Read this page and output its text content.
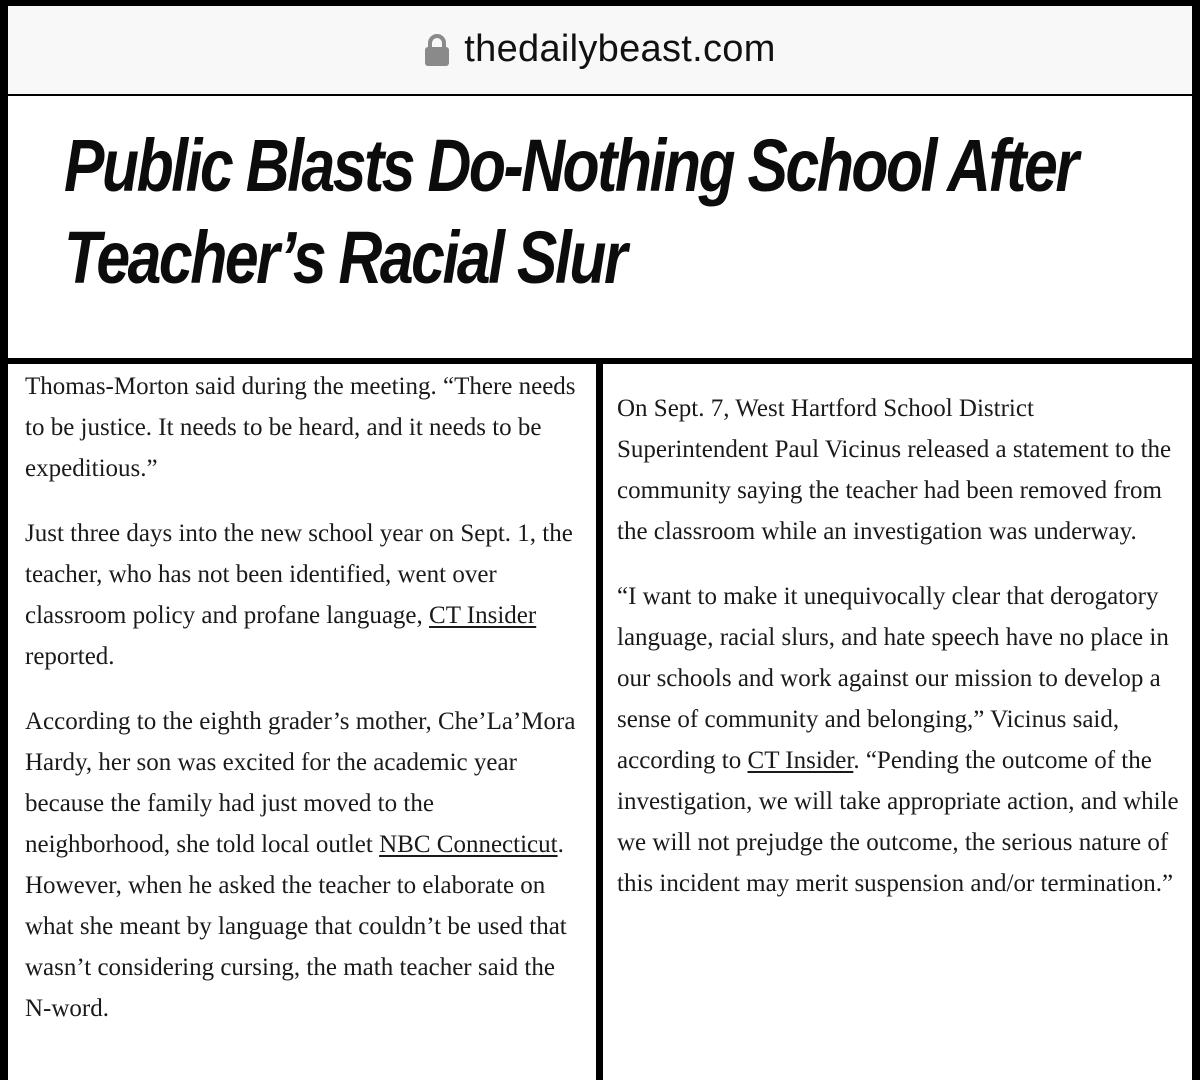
thedailybeast.com
Public Blasts Do-Nothing School After
Teacher’s Racial Slur

Thomas-Morton said during the meeting. “There needs to be justice. It needs to be heard, and it needs to be expeditious.”

Just three days into the new school year on Sept. 1, the teacher, who has not been identified, went over classroom policy and profane language, CT Insider reported.

According to the eighth grader’s mother, Che’La’Mora Hardy, her son was excited for the academic year because the family had just moved to the neighborhood, she told local outlet NBC Connecticut. However, when he asked the teacher to elaborate on what she meant by language that couldn’t be used that wasn’t considering cursing, the math teacher said the N-word.

On Sept. 7, West Hartford School District Superintendent Paul Vicinus released a statement to the community saying the teacher had been removed from the classroom while an investigation was underway.

“I want to make it unequivocally clear that derogatory language, racial slurs, and hate speech have no place in our schools and work against our mission to develop a sense of community and belonging,” Vicinus said, according to CT Insider. “Pending the outcome of the investigation, we will take appropriate action, and while we will not prejudge the outcome, the serious nature of this incident may merit suspension and/or termination.”
